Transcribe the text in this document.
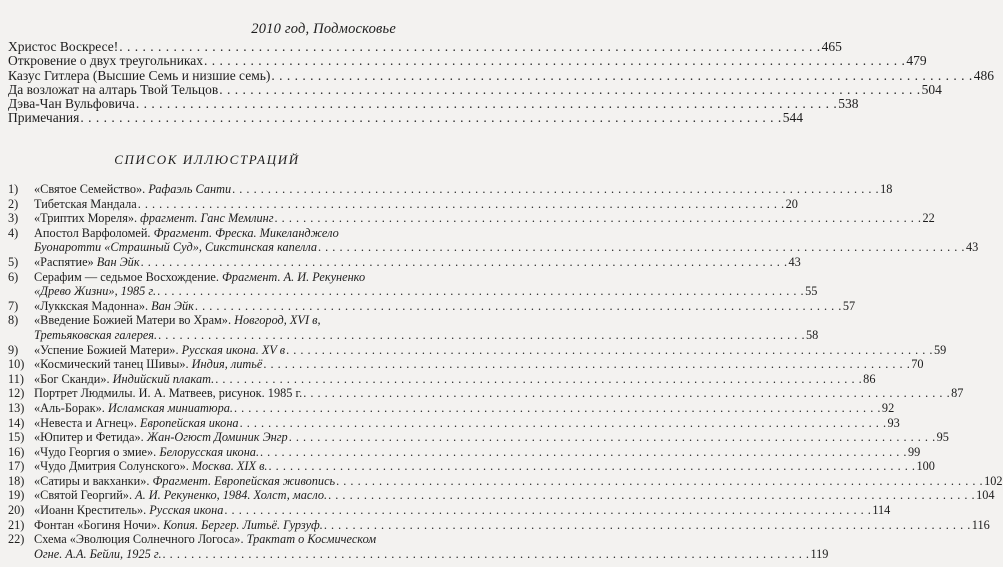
2010 год, Подмосковье
Христос Воскресе! . . .	465
Откровение о двух треугольниках . . .	479
Казус Гитлера (Высшие Семь и низшие семь) . . .	486
Да возложат на алтарь Твой Тельцов . . .	504
Дэва-Чан Вульфовича . . .	538
Примечания . . .	544
СПИСОК ИЛЛЮСТРАЦИЙ
1)	«Святое Семейство». Рафаэль Санти . . .	18
2)	Тибетская Мандала . . .	20
3)	«Триптих Мореля». фрагмент. Ганс Мемлинг . . .	22
4)	Апостол Варфоломей. Фрагмент. Фреска. Микеланджело
Буонаротти «Страшный Суд», Сикстинская капелла . . .	43
5)	«Распятие» Ван Эйк . . .	43
6)	Серафим — седьмое Восхождение. Фрагмент. А. И. Рекуненко
«Древо Жизни», 1985 г. . . .	55
7)	«Луккская Мадонна». Ван Эйк . . .	57
8)	«Введение Божией Матери во Храм». Новгород, XVI в,
Третьяковская галерея. . . .	58
9)	«Успение Божией Матери». Русская икона. XV в . . .	59
10) «Космический танец Шивы». Индия, литьё . . .	70
11) «Бог Сканди». Индийский плакат. . . .	86
12) Портрет Людмилы. И. А. Матвеев, рисунок. 1985 г. . . .	87
13) «Аль-Борак». Исламская миниатюра. . . .	92
14) «Невеста и Агнец». Европейская икона . . .	93
15) «Юпитер и Фетида». Жан-Огюст Доминик Энгр . . .	95
16) «Чудо Георгия о змие». Белорусская икона. . . .	99
17) «Чудо Дмитрия Солунского». Москва. XIX в. . . .	100
18) «Сатиры и вакханки». Фрагмент. Европейская живопись . . .	102
19) «Святой Георгий». А. И. Рекуненко, 1984. Холст, масло. . . .	104
20) «Иоанн Креститель». Русская икона . . .	114
21) Фонтан «Богиня Ночи». Копия. Бергер. Литьё. Гурзуф. . . .	116
22) Схема «Эволюция Солнечного Логоса». Трактат о Космическом
Огне. А.А. Бейли, 1925 г. . . .	119
